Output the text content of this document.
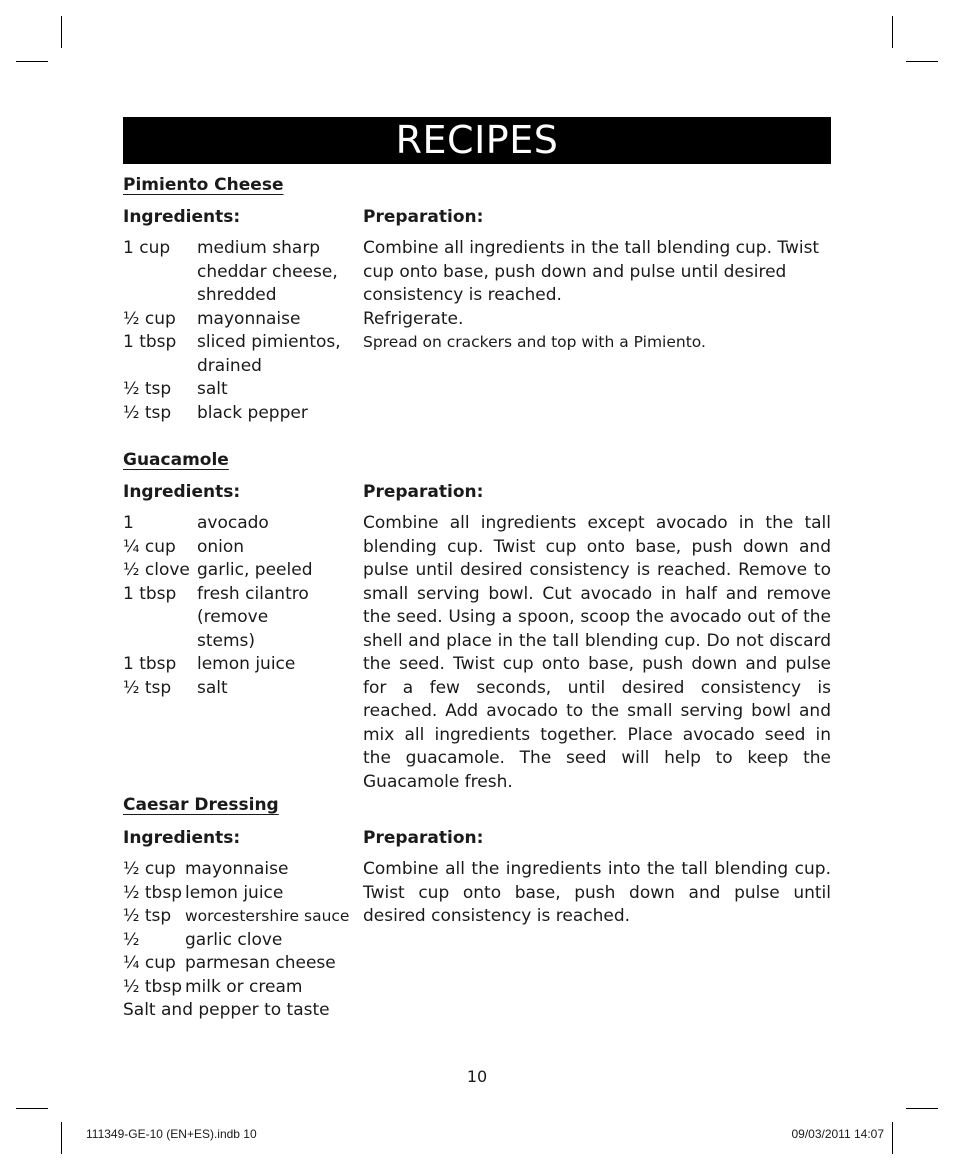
RECIPES
Pimiento Cheese
Ingredients:	Preparation:
1 cup	medium sharp cheddar cheese, shredded
½ cup	mayonnaise
1 tbsp	sliced pimientos, drained
½ tsp	salt
½ tsp	black pepper

Combine all ingredients in the tall blending cup. Twist cup onto base, push down and pulse until desired consistency is reached.

Refrigerate.

Spread on crackers and top with a Pimiento.

Guacamole
Ingredients:	Preparation:
1	avocado
¼ cup	onion
½ clove garlic, peeled
1 tbsp	fresh cilantro (remove stems)
1 tbsp	lemon juice
½ tsp	salt

Combine all ingredients except avocado in the tall blending cup. Twist cup onto base, push down and pulse until desired consistency is reached. Remove to small serving bowl. Cut avocado in half and remove the seed. Using a spoon, scoop the avocado out of the shell and place in the tall blending cup. Do not discard the seed. Twist cup onto base, push down and pulse for a few seconds, until desired consistency is reached. Add avocado to the small serving bowl and mix all ingredients together. Place avocado seed in the guacamole. The seed will help to keep the Guacamole fresh.

Caesar Dressing
Ingredients:	Preparation:
½ cup mayonnaise
½ tbsp lemon juice
½ tsp worcestershire sauce
½	garlic clove
¼ cup parmesan cheese
½ tbsp milk or cream
Salt and pepper to taste

Combine all the ingredients into the tall blending cup. Twist cup onto base, push down and pulse until desired consistency is reached.

10
111349-GE-10 (EN+ES).indb 10	09/03/2011 14:07
